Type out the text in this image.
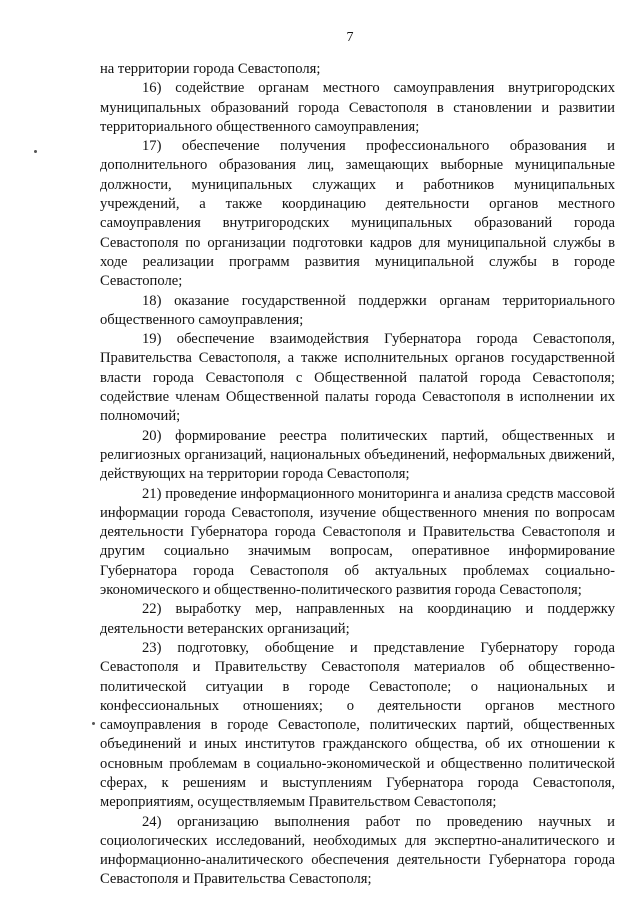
7

на территории города Севастополя;

16) содействие органам местного самоуправления внутригородских муниципальных образований города Севастополя в становлении и развитии территориального общественного самоуправления;

17) обеспечение получения профессионального образования и дополнительного образования лиц, замещающих выборные муниципальные должности, муниципальных служащих и работников муниципальных учреждений, а также координацию деятельности органов местного самоуправления внутригородских муниципальных образований города Севастополя по организации подготовки кадров для муниципальной службы в ходе реализации программ развития муниципальной службы в городе Севастополе;

18) оказание государственной поддержки органам территориального общественного самоуправления;

19) обеспечение взаимодействия Губернатора города Севастополя, Правительства Севастополя, а также исполнительных органов государственной власти города Севастополя с Общественной палатой города Севастополя; содействие членам Общественной палаты города Севастополя в исполнении их полномочий;

20) формирование реестра политических партий, общественных и религиозных организаций, национальных объединений, неформальных движений, действующих на территории города Севастополя;

21) проведение информационного мониторинга и анализа средств массовой информации города Севастополя, изучение общественного мнения по вопросам деятельности Губернатора города Севастополя и Правительства Севастополя и другим социально значимым вопросам, оперативное информирование Губернатора города Севастополя об актуальных проблемах социально-экономического и общественно-политического развития города Севастополя;

22) выработку мер, направленных на координацию и поддержку деятельности ветеранских организаций;

23) подготовку, обобщение и представление Губернатору города Севастополя и Правительству Севастополя материалов об общественно-политической ситуации в городе Севастополе; о национальных и конфессиональных отношениях; о деятельности органов местного самоуправления в городе Севастополе, политических партий, общественных объединений и иных институтов гражданского общества, об их отношении к основным проблемам в социально-экономической и общественно политической сферах, к решениям и выступлениям Губернатора города Севастополя, мероприятиям, осуществляемым Правительством Севастополя;

24) организацию выполнения работ по проведению научных и социологических исследований, необходимых для экспертно-аналитического и информационно-аналитического обеспечения деятельности Губернатора города Севастополя и Правительства Севастополя;
